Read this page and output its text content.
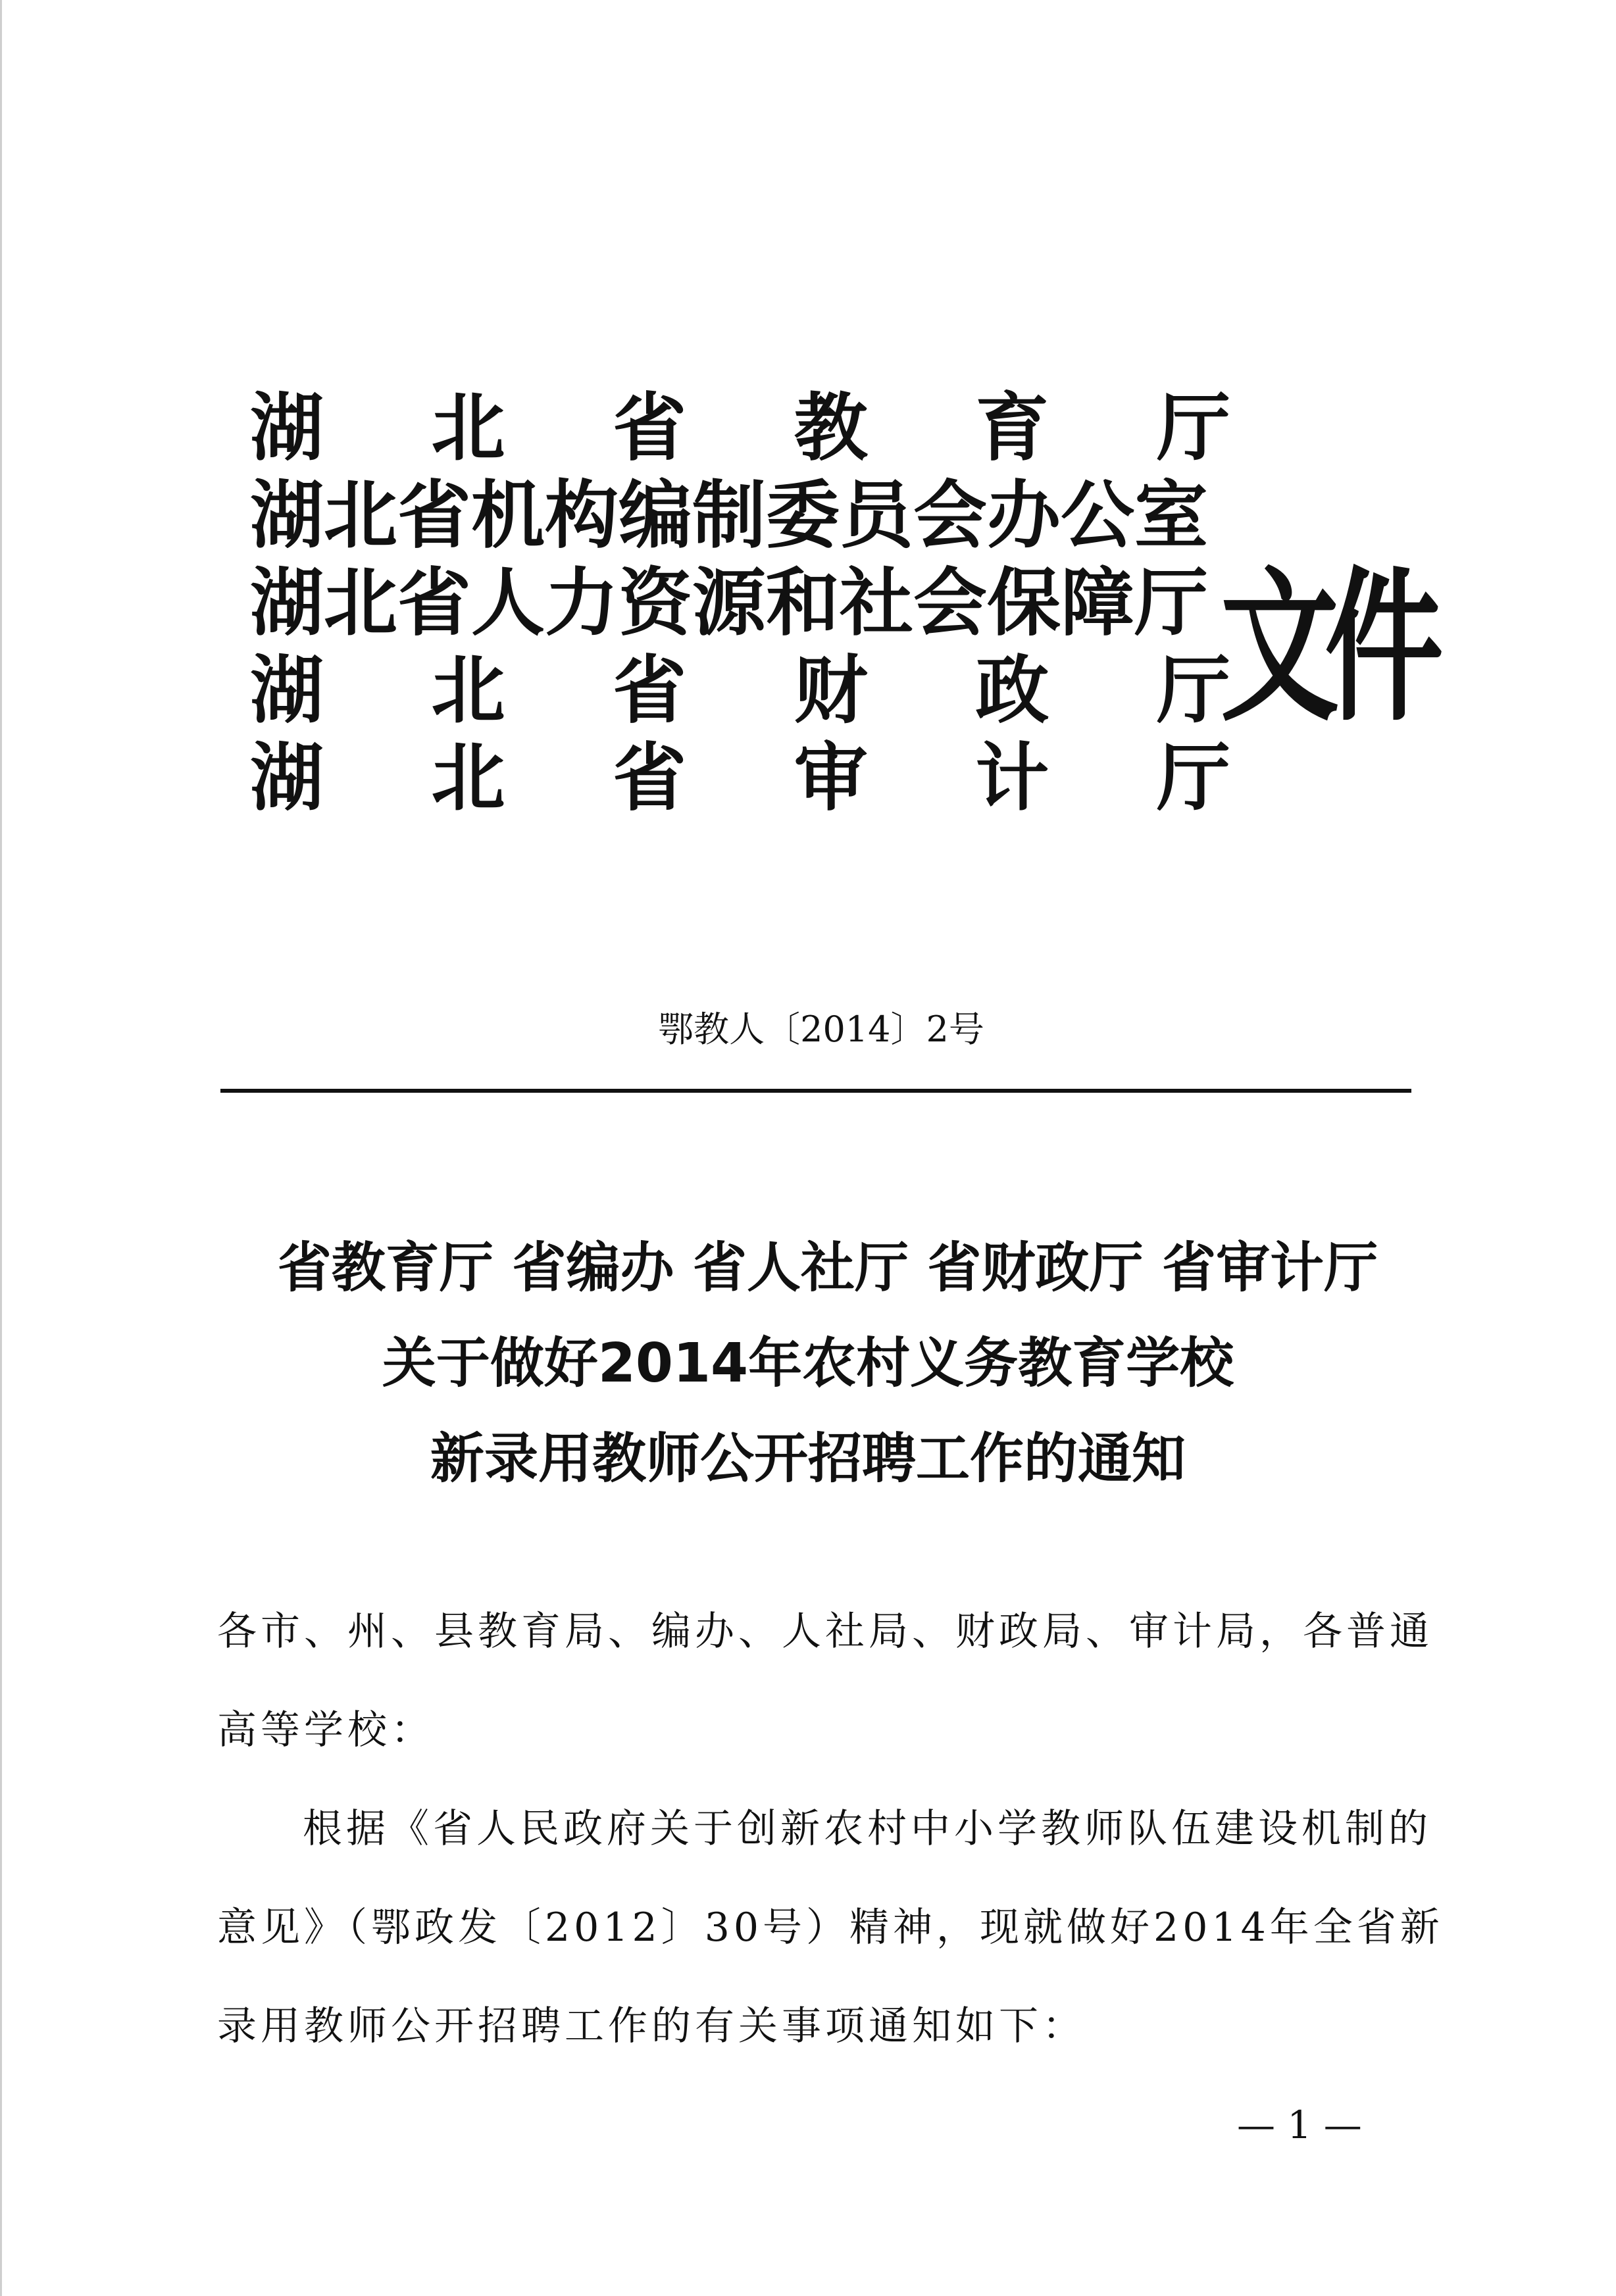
湖 北 省 教 育 厅
湖北省机构编制委员会办公室
湖北省人力资源和社会保障厅
湖 北 省 财 政 厅
湖 北 省 审 计 厅
文件
鄂教人〔2014〕2号
省教育厅 省编办 省人社厅 省财政厅 省审计厅
关于做好2014年农村义务教育学校
新录用教师公开招聘工作的通知
各市、州、县教育局、编办、人社局、财政局、审计局，各普通
高等学校：
根据《省人民政府关于创新农村中小学教师队伍建设机制的
意见》（鄂政发〔2012〕30号）精神，现就做好2014年全省新
录用教师公开招聘工作的有关事项通知如下：
— 1 —
